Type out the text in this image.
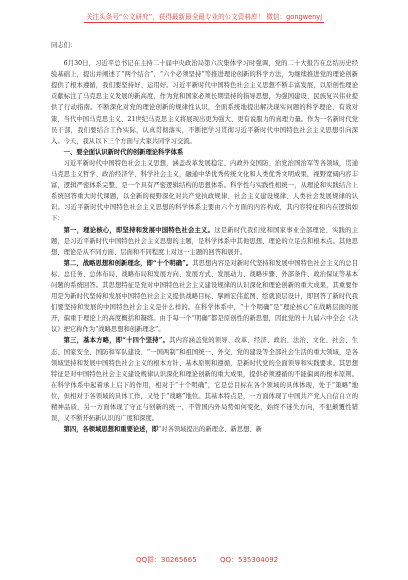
关注头条号“公文研究”，获得最新最全最专业的公文资料库！ 微信：gongwenyj

同志们：

6月30日，习近平总书记在主持二十届中央政治局第六次集体学习时强调，党的二十大报告在总结历史经验基础上，提出并阐述了“两个结合”、“六个必须坚持”等推进理论创新的科学方法，为继续推进党的理论创新提供了根本遵循，我们要坚持好、运用好。习近平新时代中国特色社会主义思想不断丰富发展，以原创性理论贡献标注了马克思主义发展的新高度，作为党和国家必须长期坚持的指导思想，为强国建设、民族复兴伟业提供了行动指南。不断深化对党的理论创新的规律性认识，全面系统地提出解决现实问题的科学理论、有效对策，当代中国马克思主义、21世纪马克思主义将展现出更为强大、更有说服力的真理力量。作为一名新时代党员干部，我们要结合工作实际，认真贯彻落实，不断把学习贯彻习近平新时代中国特色社会主义思想引向深入。今天，我从以下三个方面与大家共同学习交流。

一、要全面认识新时代的创新理论科学体系

习近平新时代中国特色社会主义思想，涵盖改革发展稳定、内政外交国防、治党治国治军等各领域，贯通马克思主义哲学、政治经济学、科学社会主义，融通中华优秀传统文化和人类优秀文明成果，视野宽阔内容丰富，逻辑严密体系完整，是一个具有严密逻辑结构的思想体系。科学性与实践性相统一，从理论和实践结合上系统回答重大时代课题，以全新的视野深化对共产党执政规律、社会主义建设规律、人类社会发展规律的认识。习近平新时代中国特色社会主义思想的科学体系主要由六个方面的内容构成，其内容特征和内在逻辑如下：

第一，理论核心，即坚持和发展中国特色社会主义。这是新时代我们党和国家事业全部理论、实践的主题，是习近平新时代中国特色社会主义思想的主题，是科学体系中其他思想、理论的立足点和根本点。其他思想、理论是从不同方面、层面和不同程度上对这一主题的回答和展开。

第二，战略思想和创新理念，即“十个明确”。其思想内容是对新时代坚持和发展中国特色社会主义的总目标、总任务、总体布局、战略布局和发展方向、发展方式、发展动力、战略步骤、外部条件、政治保证等基本问题的系统回答。其思想特征是党对中国特色社会主义建设规律的认识深化和理论创新的重大成果，其重要作用是为新时代坚持和发展中国特色社会主义提供战略目标、擘画宏伟蓝图、绘就顶层设计，即回答了新时代我们要坚持和发展的中国特色社会主义是什么样的。在科学体系中，“十个明确”是“理论核心”在战略层面的展开，偏重于理论上的高度概括和凝练。由于每一个“明确”都是原创性的新思想，因此党的十九届六中全会《决议》把它称作为“战略思想和创新理念”。

第三，基本方略，即“十四个坚持”。其内容涵盖党的领导、改革、经济、政治、法治、文化、社会、生态、国家安全、国防和军队建设、“一国两制”和祖国统一、外交、党的建设等全部社会生活的重大领域，是各领域坚持和发展中国特色社会主义的根本方针、基本原则和遵循，是新时代党的全面领导和实践要求。其思想特征是对中国特色社会主义建设规律认识深化和理论创新的重大成果，提供必须遵循的不能偏离的根本原则。在科学体系中起着承上启下的作用，相对于“十个明确”，它是总目标在各个领域的具体体现，处于“策略”地位，但相对于各领域的具体工作，又处于“战略”地位。其基本特点是，一方面体现了中国共产党人自信自立的精神品质，另一方面体现了守正与创新的统一，不管国内外局势如何变化，始终不迷失方向，不犯颠覆性错误，又不断开拓新认识的广度和深度。

第四，各领域思想和重要论述，即“对各领域提出的新理念、新思想、新

QQ群：30265665	QQ：535304092
